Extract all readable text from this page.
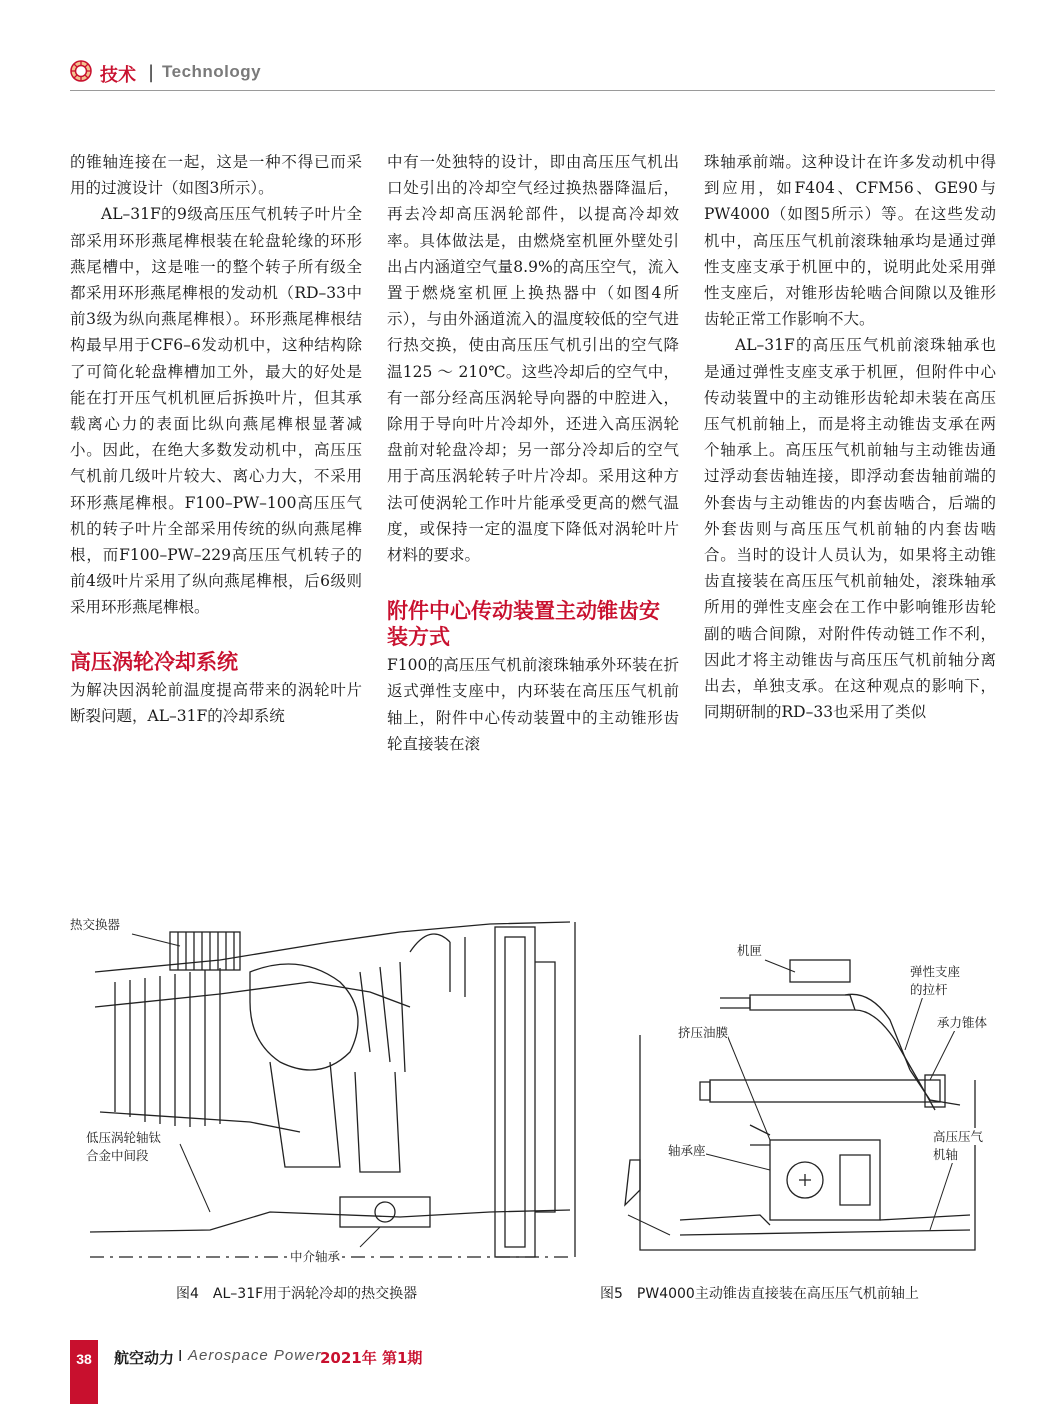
技术 | Technology

的锥轴连接在一起，这是一种不得已而采用的过渡设计（如图3所示）。

AL–31F的9级高压压气机转子叶片全部采用环形燕尾榫根装在轮盘轮缘的环形燕尾槽中，这是唯一的整个转子所有级全都采用环形燕尾榫根的发动机（RD–33中前3级为纵向燕尾榫根）。环形燕尾榫根结构最早用于CF6–6发动机中，这种结构除了可简化轮盘榫槽加工外，最大的好处是能在打开压气机机匣后拆换叶片，但其承载离心力的表面比纵向燕尾榫根显著减小。因此，在绝大多数发动机中，高压压气机前几级叶片较大、离心力大，不采用环形燕尾榫根。F100–PW–100高压压气机的转子叶片全部采用传统的纵向燕尾榫根，而F100–PW–229高压压气机转子的前4级叶片采用了纵向燕尾榫根，后6级则采用环形燕尾榫根。

高压涡轮冷却系统

为解决因涡轮前温度提高带来的涡轮叶片断裂问题，AL–31F的冷却系统

中有一处独特的设计，即由高压压气机出口处引出的冷却空气经过换热器降温后，再去冷却高压涡轮部件，以提高冷却效率。具体做法是，由燃烧室机匣外壁处引出占内涵道空气量8.9%的高压空气，流入置于燃烧室机匣上换热器中（如图4所示），与由外涵道流入的温度较低的空气进行热交换，使由高压压气机引出的空气降温125 ～ 210℃。这些冷却后的空气中，有一部分经高压涡轮导向器的中腔进入，除用于导向叶片冷却外，还进入高压涡轮盘前对轮盘冷却；另一部分冷却后的空气用于高压涡轮转子叶片冷却。采用这种方法可使涡轮工作叶片能承受更高的燃气温度，或保持一定的温度下降低对涡轮叶片材料的要求。

附件中心传动装置主动锥齿安装方式

F100的高压压气机前滚珠轴承外环装在折返式弹性支座中，内环装在高压压气机前轴上，附件中心传动装置中的主动锥形齿轮直接装在滚

珠轴承前端。这种设计在许多发动机中得到应用，如F404、CFM56、GE90与PW4000（如图5所示）等。在这些发动机中，高压压气机前滚珠轴承均是通过弹性支座支承于机匣中的，说明此处采用弹性支座后，对锥形齿轮啮合间隙以及锥形齿轮正常工作影响不大。

AL–31F的高压压气机前滚珠轴承也是通过弹性支座支承于机匣，但附件中心传动装置中的主动锥形齿轮却未装在高压压气机前轴上，而是将主动锥齿支承在两个轴承上。高压压气机前轴与主动锥齿通过浮动套齿轴连接，即浮动套齿轴前端的外套齿与主动锥齿的内套齿啮合，后端的外套齿则与高压压气机前轴的内套齿啮合。当时的设计人员认为，如果将主动锥齿直接装在高压压气机前轴处，滚珠轴承所用的弹性支座会在工作中影响锥形齿轮副的啮合间隙，对附件传动链工作不利，因此才将主动锥齿与高压压气机前轴分离出去，单独支承。在这种观点的影响下，同期研制的RD–33也采用了类似

热交换器
低压涡轮轴钛
合金中间段
中介轴承
图4　AL–31F用于涡轮冷却的热交换器
机匣
弹性支座
的拉杆
承力锥体
挤压油膜
轴承座
高压压气
机轴
图5　PW4000主动锥齿直接装在高压压气机前轴上
38	航空动力 I Aerospace Power
2021年 第1期
